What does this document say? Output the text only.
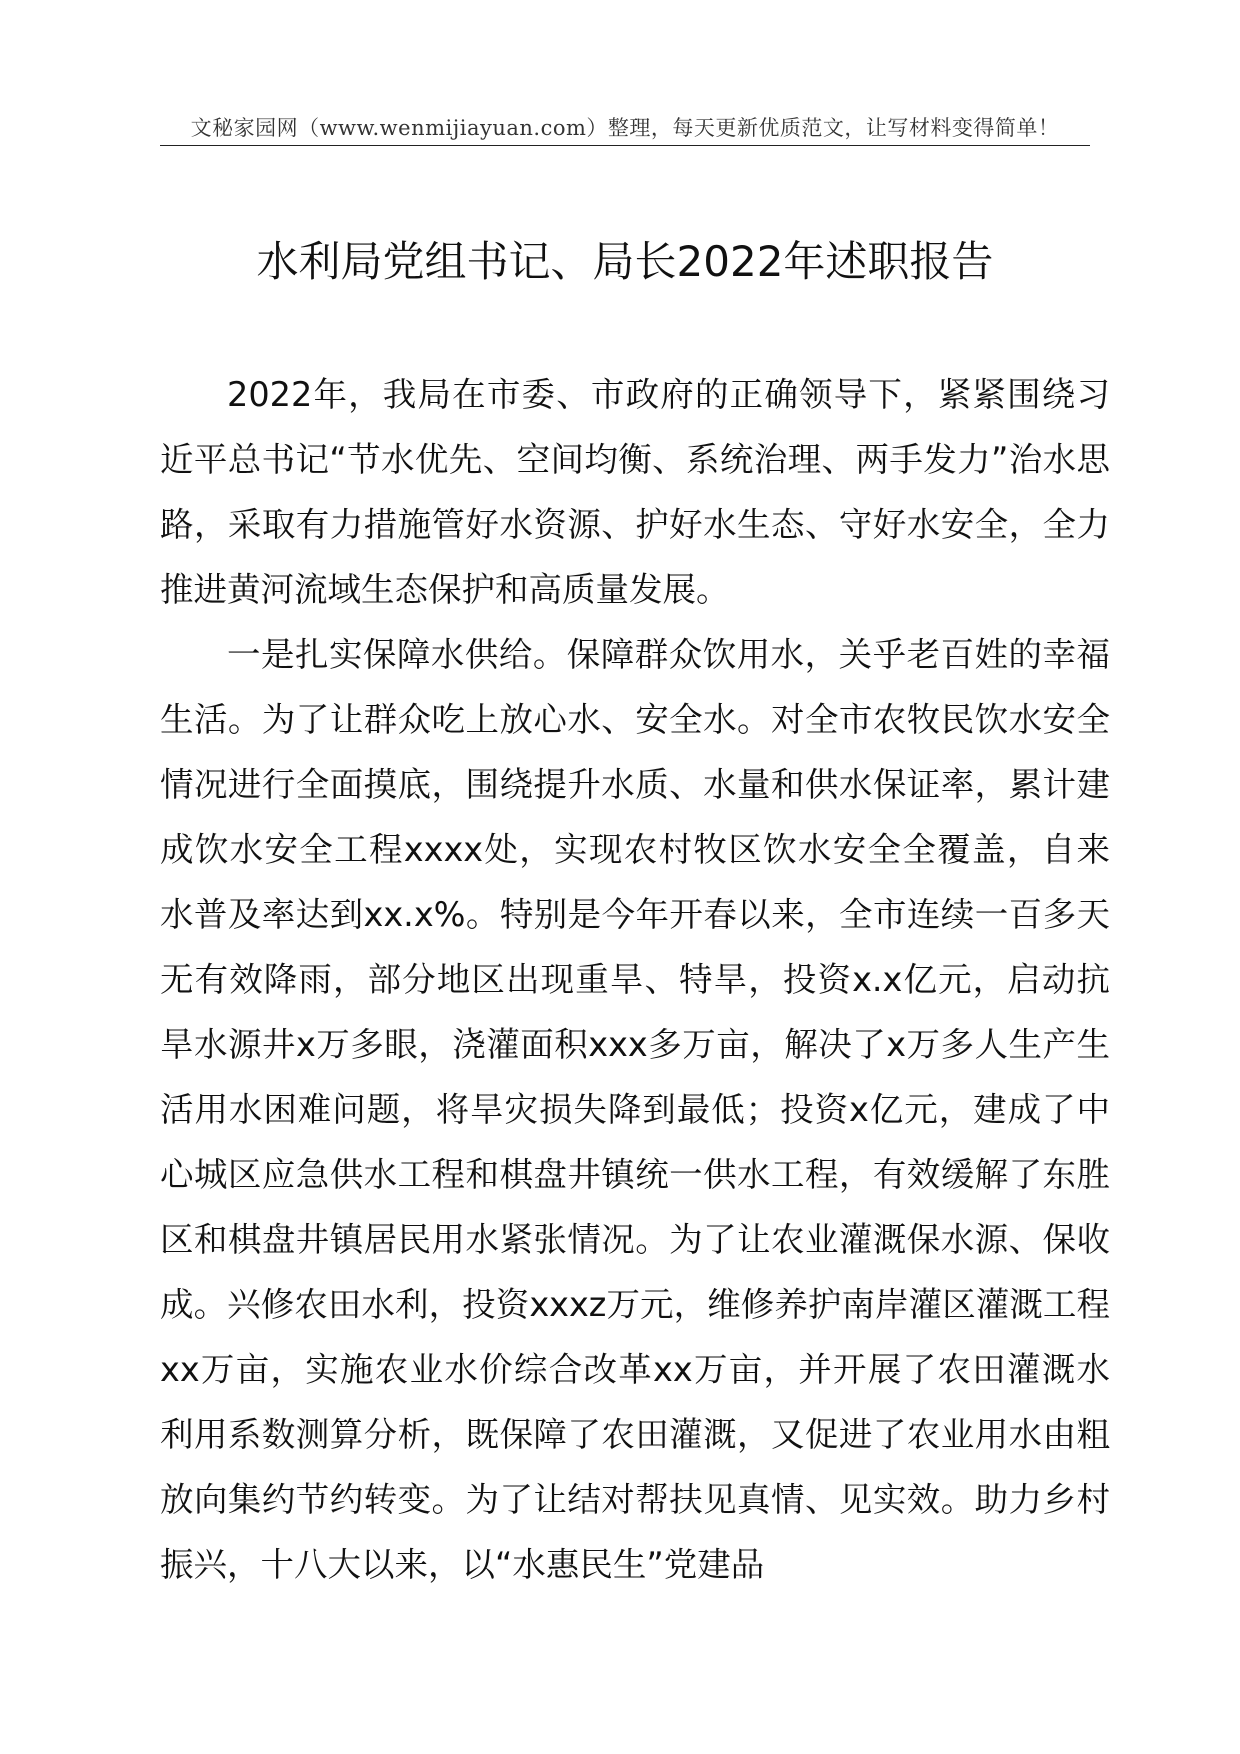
文秘家园网（www.wenmijiayuan.com）整理，每天更新优质范文，让写材料变得简单！
水利局党组书记、局长2022年述职报告

2022年，我局在市委、市政府的正确领导下，紧紧围绕习近平总书记“节水优先、空间均衡、系统治理、两手发力”治水思路，采取有力措施管好水资源、护好水生态、守好水安全，全力推进黄河流域生态保护和高质量发展。

一是扎实保障水供给。保障群众饮用水，关乎老百姓的幸福生活。为了让群众吃上放心水、安全水。对全市农牧民饮水安全情况进行全面摸底，围绕提升水质、水量和供水保证率，累计建成饮水安全工程xxxx处，实现农村牧区饮水安全全覆盖，自来水普及率达到xx.x%。特别是今年开春以来，全市连续一百多天无有效降雨，部分地区出现重旱、特旱，投资x.x亿元，启动抗旱水源井x万多眼，浇灌面积xxx多万亩，解决了x万多人生产生活用水困难问题，将旱灾损失降到最低；投资x亿元，建成了中心城区应急供水工程和棋盘井镇统一供水工程，有效缓解了东胜区和棋盘井镇居民用水紧张情况。为了让农业灌溉保水源、保收成。兴修农田水利，投资xxxz万元，维修养护南岸灌区灌溉工程xx万亩，实施农业水价综合改革xx万亩，并开展了农田灌溉水利用系数测算分析，既保障了农田灌溉，又促进了农业用水由粗放向集约节约转变。为了让结对帮扶见真情、见实效。助力乡村振兴，十八大以来，以“水惠民生”党建品
